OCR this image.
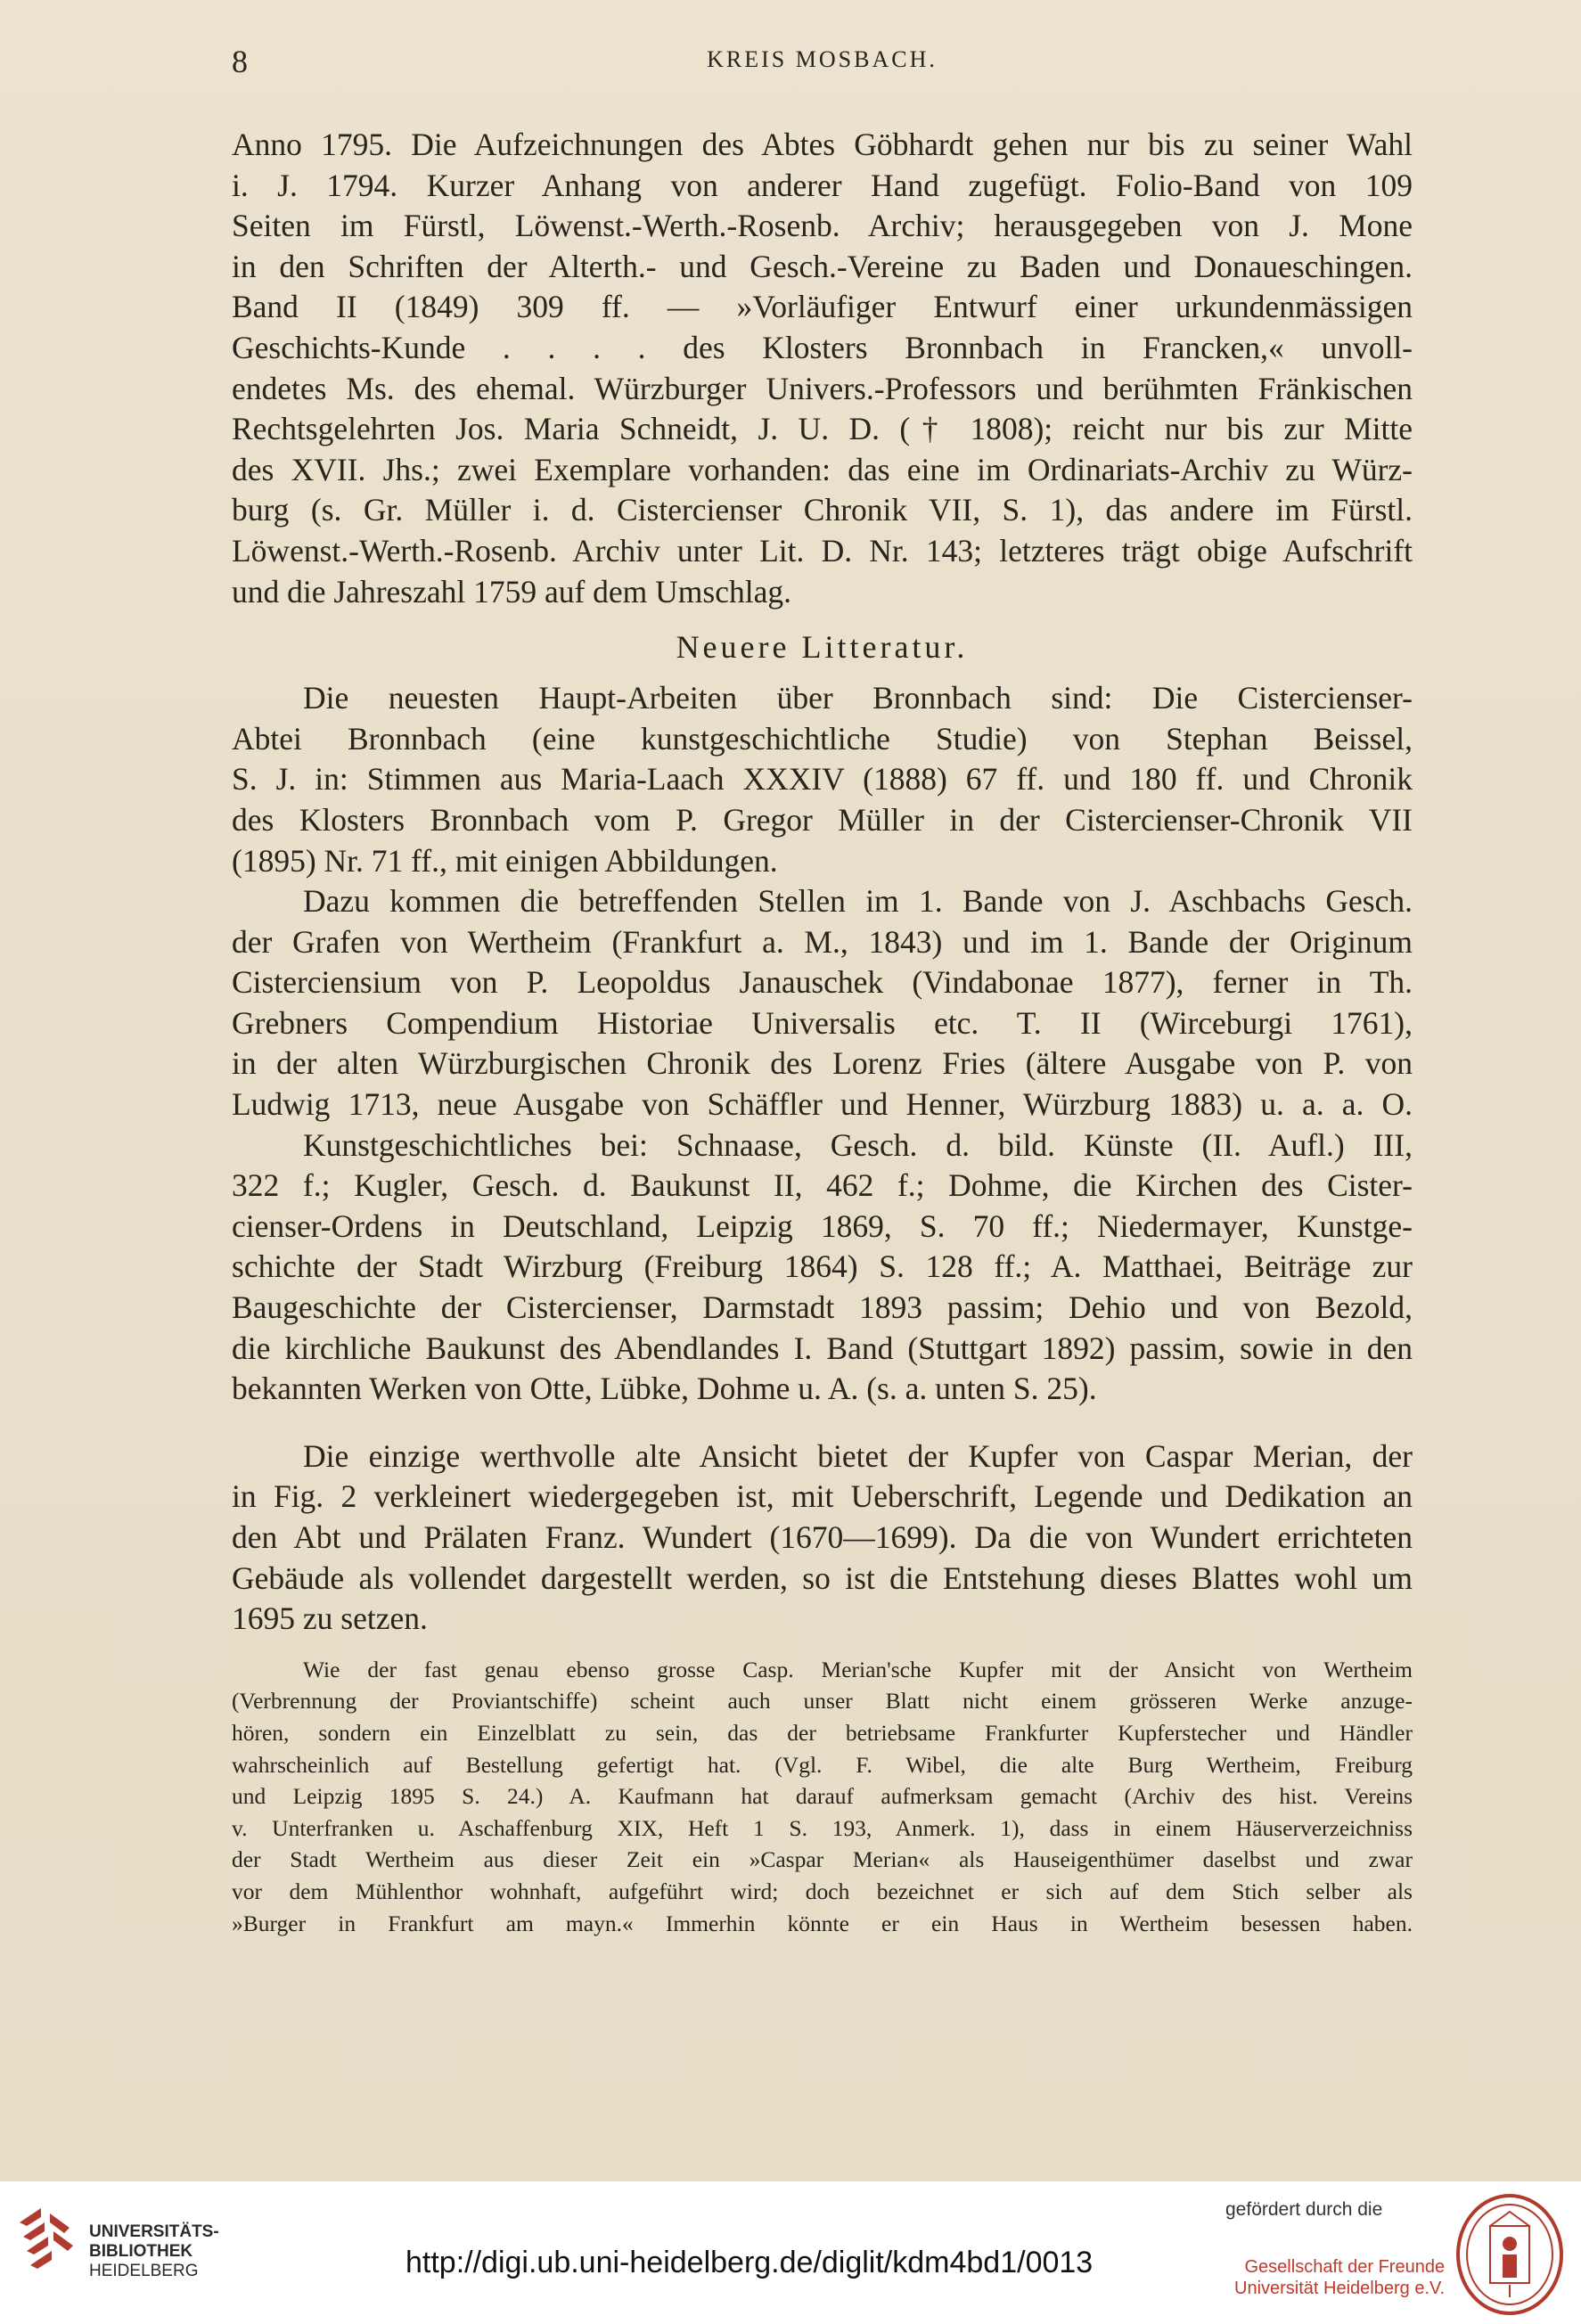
8	KREIS MOSBACH.

Anno 1795. Die Aufzeichnungen des Abtes Göbhardt gehen nur bis zu seiner Wahl

i. J. 1794. Kurzer Anhang von anderer Hand zugefügt. Folio-Band von 109

Seiten im Fürstl, Löwenst.-Werth.-Rosenb. Archiv; herausgegeben von J. Mone

in den Schriften der Alterth.- und Gesch.-Vereine zu Baden und Donaueschingen.

Band II (1849) 309 ff. — »Vorläufiger Entwurf einer urkundenmässigen

Geschichts-Kunde . . . . des Klosters Bronnbach in Francken,« unvoll-

endetes Ms. des ehemal. Würzburger Univers.-Professors und berühmten Fränkischen

Rechtsgelehrten Jos. Maria Schneidt, J. U. D. († 1808); reicht nur bis zur Mitte

des XVII. Jhs.; zwei Exemplare vorhanden: das eine im Ordinariats-Archiv zu Würz-

burg (s. Gr. Müller i. d. Cistercienser Chronik VII, S. 1), das andere im Fürstl.

Löwenst.-Werth.-Rosenb. Archiv unter Lit. D. Nr. 143; letzteres trägt obige Aufschrift

und die Jahreszahl 1759 auf dem Umschlag.

Neuere Litteratur.

Die neuesten Haupt-Arbeiten über Bronnbach sind: Die Cistercienser-

Abtei Bronnbach (eine kunstgeschichtliche Studie) von Stephan Beissel,

S. J. in: Stimmen aus Maria-Laach XXXIV (1888) 67 ff. und 180 ff. und Chronik

des Klosters Bronnbach vom P. Gregor Müller in der Cistercienser-Chronik VII

(1895) Nr. 71 ff., mit einigen Abbildungen.

Dazu kommen die betreffenden Stellen im 1. Bande von J. Aschbachs Gesch.

der Grafen von Wertheim (Frankfurt a. M., 1843) und im 1. Bande der Originum

Cisterciensium von P. Leopoldus Janauschek (Vindabonae 1877), ferner in Th.

Grebners Compendium Historiae Universalis etc. T. II (Wirceburgi 1761),

in der alten Würzburgischen Chronik des Lorenz Fries (ältere Ausgabe von P. von

Ludwig 1713, neue Ausgabe von Schäffler und Henner, Würzburg 1883) u. a. a. O.

Kunstgeschichtliches bei: Schnaase, Gesch. d. bild. Künste (II. Aufl.) III,

322 f.; Kugler, Gesch. d. Baukunst II, 462 f.; Dohme, die Kirchen des Cister-

cienser-Ordens in Deutschland, Leipzig 1869, S. 70 ff.; Niedermayer, Kunstge-

schichte der Stadt Wirzburg (Freiburg 1864) S. 128 ff.; A. Matthaei, Beiträge zur

Baugeschichte der Cistercienser, Darmstadt 1893 passim; Dehio und von Bezold,

die kirchliche Baukunst des Abendlandes I. Band (Stuttgart 1892) passim, sowie in den

bekannten Werken von Otte, Lübke, Dohme u. A. (s. a. unten S. 25).

Die einzige werthvolle alte Ansicht bietet der Kupfer von Caspar Merian, der

in Fig. 2 verkleinert wiedergegeben ist, mit Ueberschrift, Legende und Dedikation an

den Abt und Prälaten Franz. Wundert (1670—1699). Da die von Wundert errichteten

Gebäude als vollendet dargestellt werden, so ist die Entstehung dieses Blattes wohl um

1695 zu setzen.

Wie der fast genau ebenso grosse Casp. Merian'sche Kupfer mit der Ansicht von Wertheim

(Verbrennung der Proviantschiffe) scheint auch unser Blatt nicht einem grösseren Werke anzuge-

hören, sondern ein Einzelblatt zu sein, das der betriebsame Frankfurter Kupferstecher und Händler

wahrscheinlich auf Bestellung gefertigt hat. (Vgl. F. Wibel, die alte Burg Wertheim, Freiburg

und Leipzig 1895 S. 24.) A. Kaufmann hat darauf aufmerksam gemacht (Archiv des hist. Vereins

v. Unterfranken u. Aschaffenburg XIX, Heft 1 S. 193, Anmerk. 1), dass in einem Häuserverzeichniss

der Stadt Wertheim aus dieser Zeit ein »Caspar Merian« als Hauseigenthümer daselbst und zwar

vor dem Mühlenthor wohnhaft, aufgeführt wird; doch bezeichnet er sich auf dem Stich selber als

»Burger in Frankfurt am mayn.« Immerhin könnte er ein Haus in Wertheim besessen haben.

UNIVERSITÄTS-
BIBLIOTHEK
HEIDELBERG	http://digi.ub.uni-heidelberg.de/diglit/kdm4bd1/0013
gefördert durch die
Gesellschaft der Freunde
Universität Heidelberg e.V.
